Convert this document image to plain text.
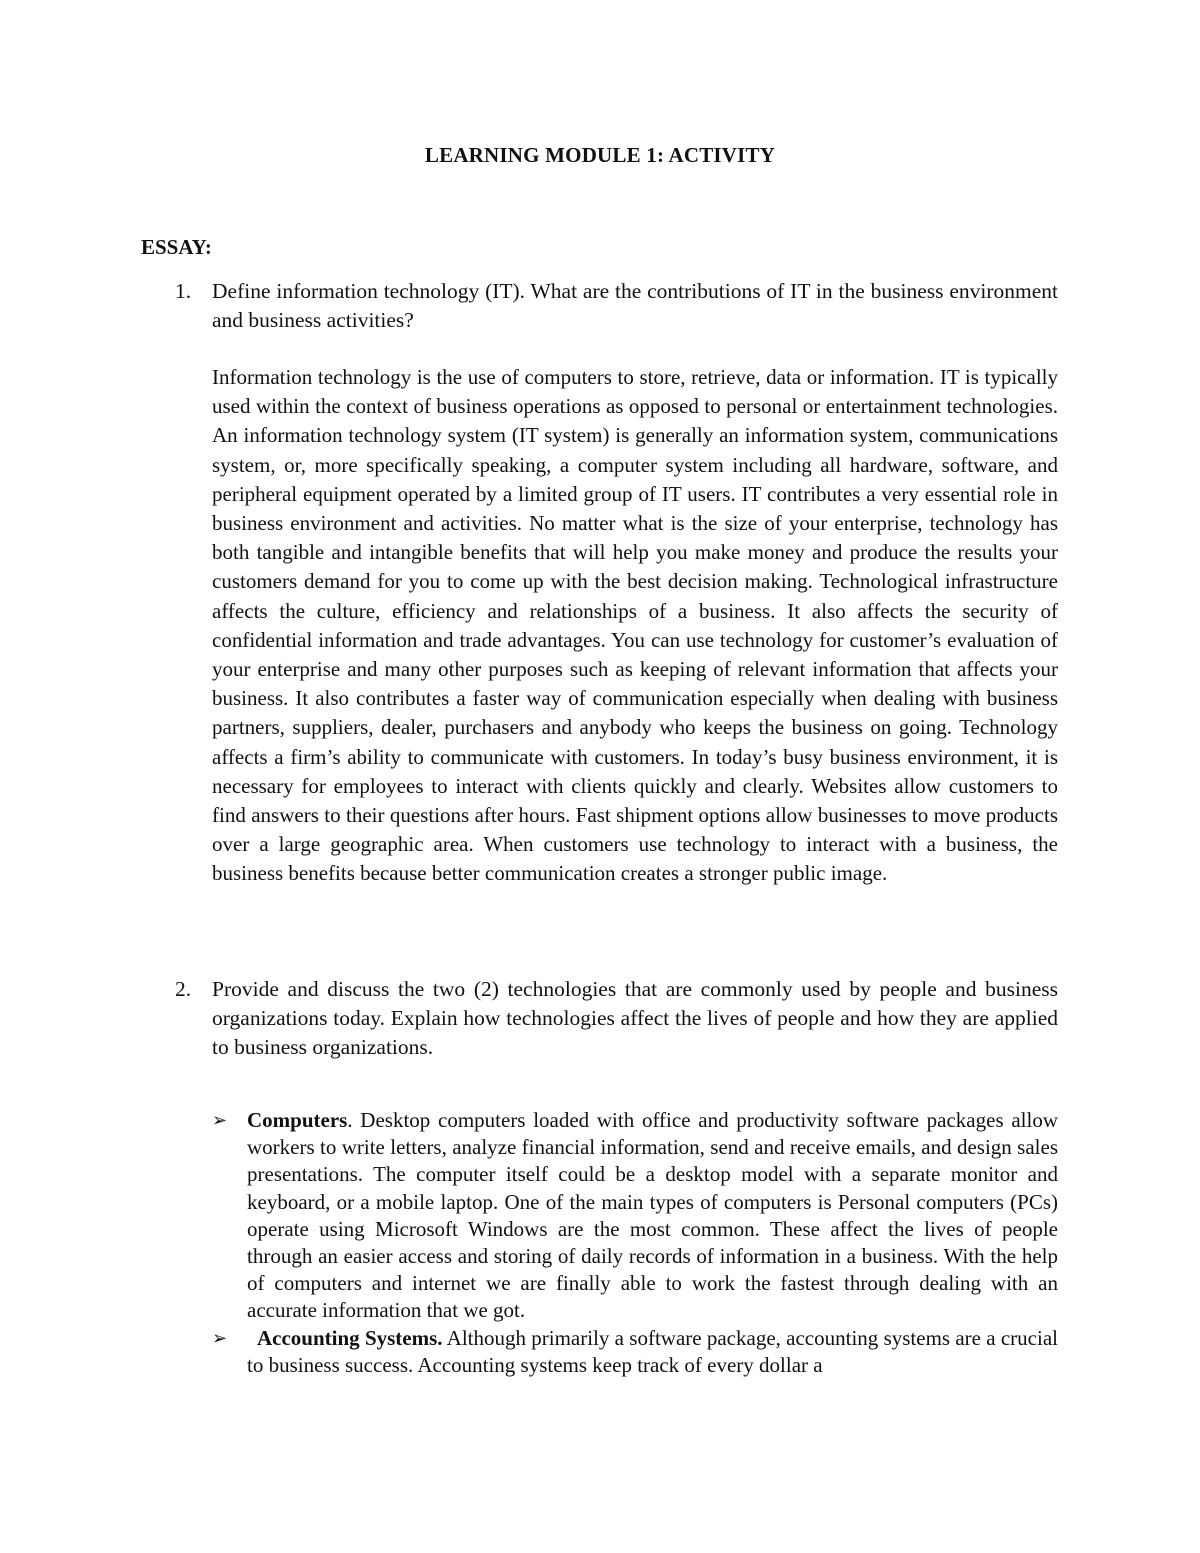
LEARNING MODULE 1: ACTIVITY
ESSAY:
1. Define information technology (IT). What are the contributions of IT in the business environment and business activities?
Information technology is the use of computers to store, retrieve, data or information. IT is typically used within the context of business operations as opposed to personal or entertainment technologies. An information technology system (IT system) is generally an information system, communications system, or, more specifically speaking, a computer system including all hardware, software, and peripheral equipment operated by a limited group of IT users. IT contributes a very essential role in business environment and activities. No matter what is the size of your enterprise, technology has both tangible and intangible benefits that will help you make money and produce the results your customers demand for you to come up with the best decision making. Technological infrastructure affects the culture, efficiency and relationships of a business. It also affects the security of confidential information and trade advantages. You can use technology for customer’s evaluation of your enterprise and many other purposes such as keeping of relevant information that affects your business. It also contributes a faster way of communication especially when dealing with business partners, suppliers, dealer, purchasers and anybody who keeps the business on going. Technology affects a firm’s ability to communicate with customers. In today’s busy business environment, it is necessary for employees to interact with clients quickly and clearly. Websites allow customers to find answers to their questions after hours. Fast shipment options allow businesses to move products over a large geographic area. When customers use technology to interact with a business, the business benefits because better communication creates a stronger public image.
2. Provide and discuss the two (2) technologies that are commonly used by people and business organizations today. Explain how technologies affect the lives of people and how they are applied to business organizations.
➢ Computers. Desktop computers loaded with office and productivity software packages allow workers to write letters, analyze financial information, send and receive emails, and design sales presentations. The computer itself could be a desktop model with a separate monitor and keyboard, or a mobile laptop. One of the main types of computers is Personal computers (PCs) operate using Microsoft Windows are the most common. These affect the lives of people through an easier access and storing of daily records of information in a business. With the help of computers and internet we are finally able to work the fastest through dealing with an accurate information that we got.
➢ Accounting Systems. Although primarily a software package, accounting systems are a crucial to business success. Accounting systems keep track of every dollar a
